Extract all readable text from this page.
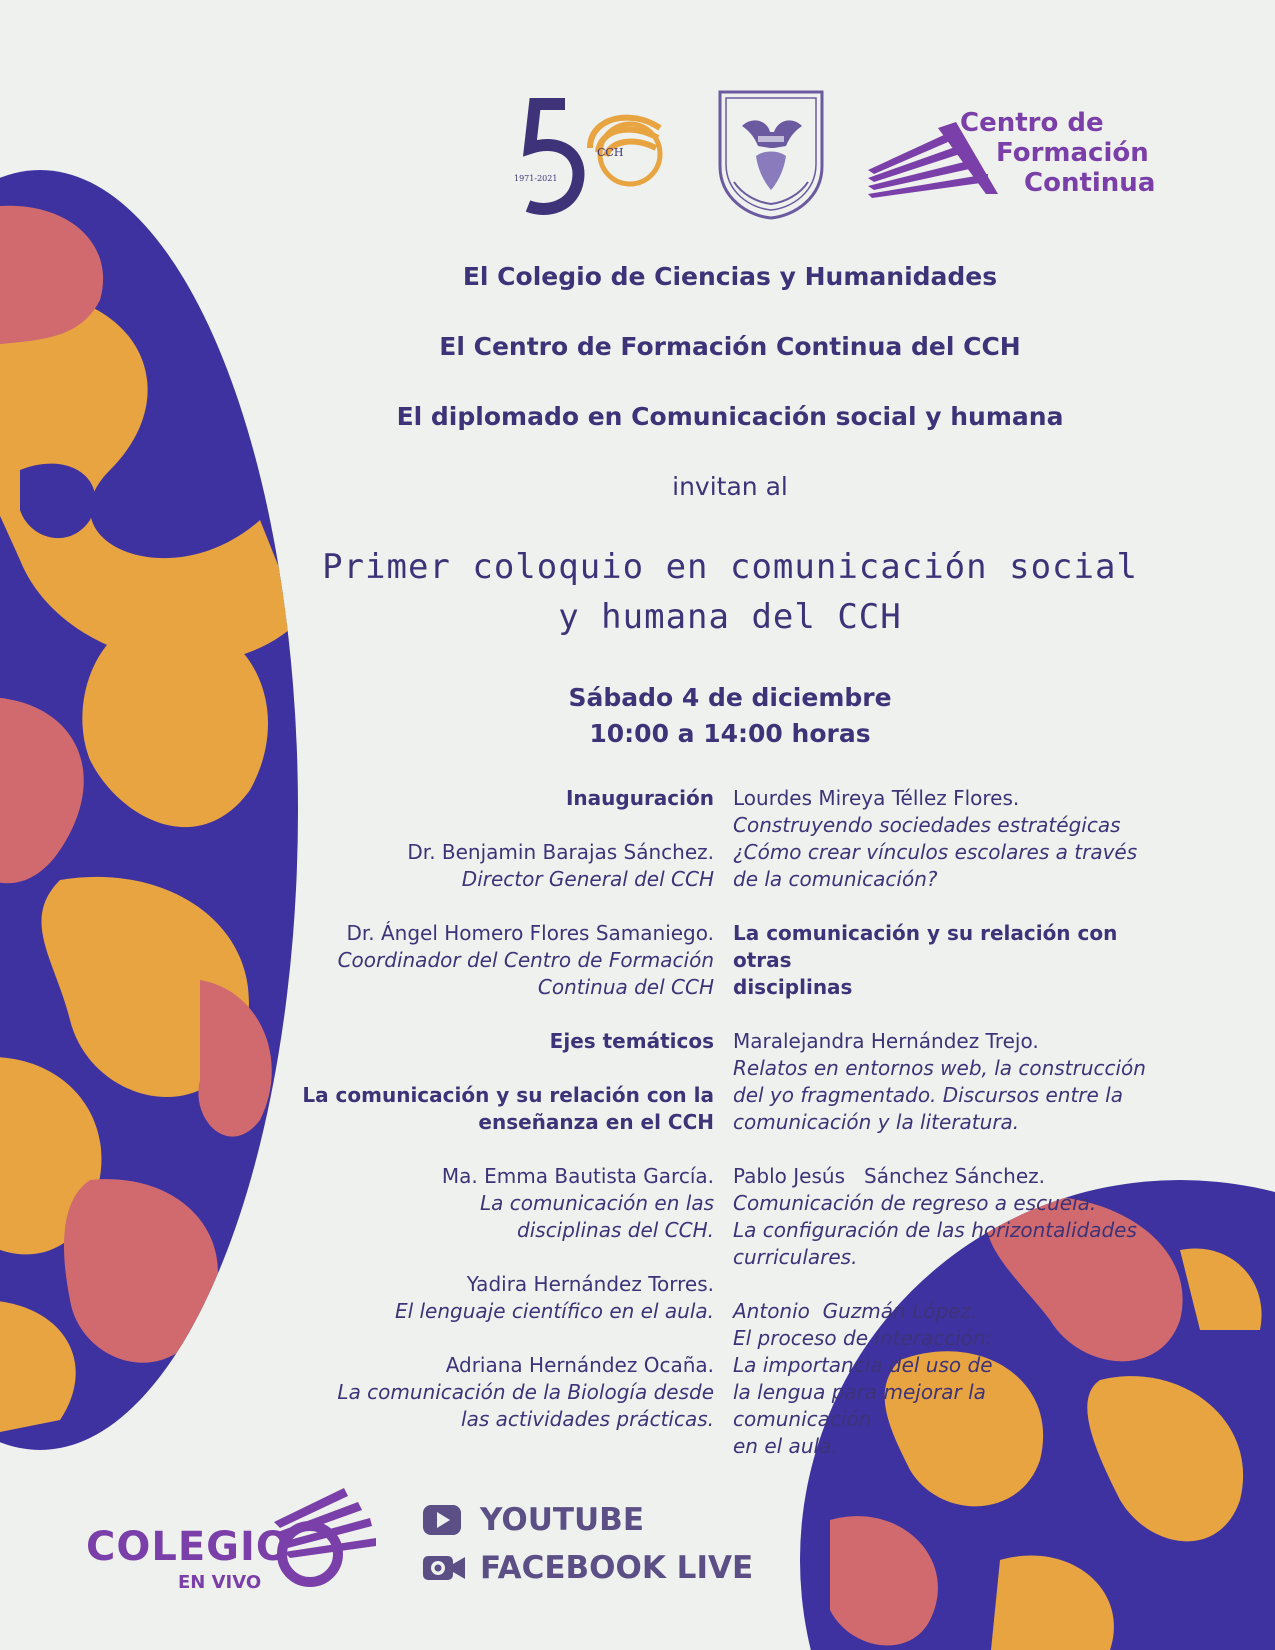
CCH
1971-2021
Centro de
Formación
Continua
El Colegio de Ciencias y Humanidades
El Centro de Formación Continua del CCH
El diplomado en Comunicación social y humana
invitan al
Primer coloquio en comunicación social
y humana del CCH
Sábado 4 de diciembre
10:00 a 14:00 horas

Inauguración

Dr. Benjamin Barajas Sánchez.

Director General del CCH

Dr. Ángel Homero Flores Samaniego.

Coordinador del Centro de Formación

Continua del CCH

Ejes temáticos

La comunicación y su relación con la

enseñanza en el CCH

Ma. Emma Bautista García.

La comunicación en las

disciplinas del CCH.

Yadira Hernández Torres.

El lenguaje científico en el aula.

Adriana Hernández Ocaña.

La comunicación de la Biología desde

las actividades prácticas.

Lourdes Mireya Téllez Flores.

Construyendo sociedades estratégicas

¿Cómo crear vínculos escolares a través

de la comunicación?

La comunicación y su relación con otras

disciplinas

Maralejandra Hernández Trejo.

Relatos en entornos web, la construcción

del yo fragmentado. Discursos entre la

comunicación y la literatura.

Pablo Jesús   Sánchez Sánchez.

Comunicación de regreso a escuela.

La configuración de las horizontalidades

curriculares.

Antonio  Guzmán López.

El proceso de interacción:

La importancia del uso de

la lengua para mejorar la

comunicación

en el aula.

COLEGIO
EN VIVO
YOUTUBE
FACEBOOK LIVE
